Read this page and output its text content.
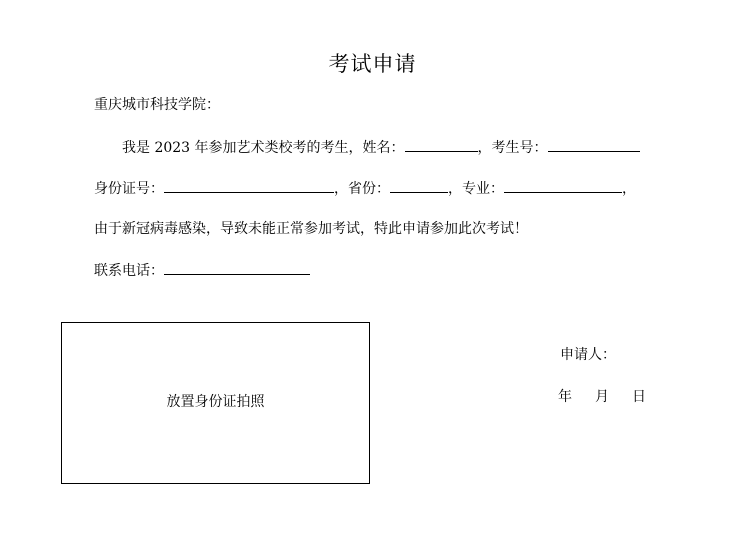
考试申请
重庆城市科技学院：
我是 2023 年参加艺术类校考的考生，姓名：	，考生号：
身份证号：	，省份：	，专业：	，
由于新冠病毒感染，导致未能正常参加考试，特此申请参加此次考试！
联系电话：
放置身份证拍照
申请人：
年 月 日
